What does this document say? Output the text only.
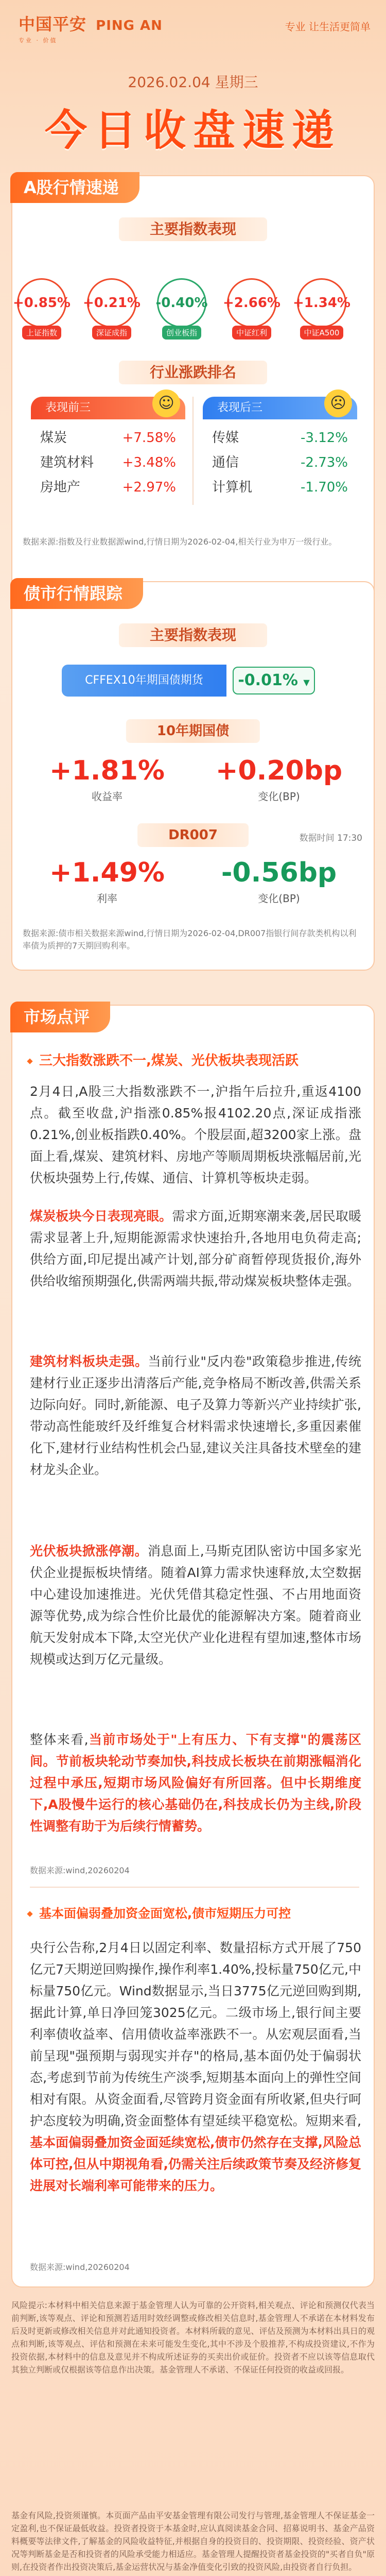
中国平安 PING AN
专业 · 价值
专业 让生活更简单
2026.02.04 星期三
今日收盘速递
A股行情速递
主要指数表现
+0.85%
上证指数
+0.21%
深证成指
-0.40%
创业板指
+2.66%
中证红利
+1.34%
中证A500
行业涨跌排名
表现前三	☺
煤炭	+7.58%
建筑材料 +3.48%
房地产	+2.97%
表现后三	☹
传媒	-3.12%
通信	-2.73%
计算机	-1.70%
数据来源:指数及行业数据源wind,行情日期为2026-02-04,相关行业为申万一级行业。
债市行情跟踪
主要指数表现
CFFEX10年期国债期货	-0.01% ▼
10年期国债
+1.81%
收益率
+0.20bp
变化(BP)
DR007	数据时间 17:30
+1.49%
利率
-0.56bp
变化(BP)
数据来源:债市相关数据来源wind,行情日期为2026-02-04,DR007指银行间存款类机构以利率债为质押的7天期回购利率。
市场点评
三大指数涨跌不一,煤炭、光伏板块表现活跃
2月4日,A股三大指数涨跌不一,沪指午后拉升,重返4100点。截至收盘,沪指涨0.85%报4102.20点,深证成指涨0.21%,创业板指跌0.40%。个股层面,超3200家上涨。盘面上看,煤炭、建筑材料、房地产等顺周期板块涨幅居前,光伏板块强势上行,传媒、通信、计算机等板块走弱。
煤炭板块今日表现亮眼。需求方面,近期寒潮来袭,居民取暖需求显著上升,短期能源需求快速抬升,各地用电负荷走高;供给方面,印尼提出减产计划,部分矿商暂停现货报价,海外供给收缩预期强化,供需两端共振,带动煤炭板块整体走强。
建筑材料板块走强。当前行业"反内卷"政策稳步推进,传统建材行业正逐步出清落后产能,竞争格局不断改善,供需关系边际向好。同时,新能源、电子及算力等新兴产业持续扩张,带动高性能玻纤及纤维复合材料需求快速增长,多重因素催化下,建材行业结构性机会凸显,建议关注具备技术壁垒的建材龙头企业。
光伏板块掀涨停潮。消息面上,马斯克团队密访中国多家光伏企业提振板块情绪。随着AI算力需求快速释放,太空数据中心建设加速推进。光伏凭借其稳定性强、不占用地面资源等优势,成为综合性价比最优的能源解决方案。随着商业航天发射成本下降,太空光伏产业化进程有望加速,整体市场规模或达到万亿元量级。
整体来看,当前市场处于"上有压力、下有支撑"的震荡区间。节前板块轮动节奏加快,科技成长板块在前期涨幅消化过程中承压,短期市场风险偏好有所回落。但中长期维度下,A股慢牛运行的核心基础仍在,科技成长仍为主线,阶段性调整有助于为后续行情蓄势。
数据来源:wind,20260204
基本面偏弱叠加资金面宽松,债市短期压力可控
央行公告称,2月4日以固定利率、数量招标方式开展了750亿元7天期逆回购操作,操作利率1.40%,投标量750亿元,中标量750亿元。Wind数据显示,当日3775亿元逆回购到期,据此计算,单日净回笼3025亿元。二级市场上,银行间主要利率债收益率、信用债收益率涨跌不一。从宏观层面看,当前呈现"强预期与弱现实并存"的格局,基本面仍处于偏弱状态,考虑到节前为传统生产淡季,短期基本面向上的弹性空间相对有限。从资金面看,尽管跨月资金面有所收紧,但央行呵护态度较为明确,资金面整体有望延续平稳宽松。短期来看,基本面偏弱叠加资金面延续宽松,债市仍然存在支撑,风险总体可控,但从中期视角看,仍需关注后续政策节奏及经济修复进展对长端利率可能带来的压力。
数据来源:wind,20260204
风险提示:本材料中相关信息来源于基金管理人认为可靠的公开资料,相关观点、评论和预测仅代表当前判断,该等观点、评论和预测若适用时效经调整或修改相关信息时,基金管理人不承诺在本材料发布后及时更新或修改相关信息并对此通知投资者。本材料所载的意见、评估及预测为本材料出具日的观点和判断,该等观点、评估和预测在未来可能发生变化,其中不涉及个股推荐,不构成投资建议,不作为投资依据,本材料中的信息及意见并不构成所述证券的买卖出价或征价。投资者不应以该等信息取代其独立判断或仅根据该等信息作出决策。基金管理人不承诺、不保证任何投资的收益或回报。
基金有风险,投资须谨慎。本页面产品由平安基金管理有限公司发行与管理,基金管理人不保证基金一定盈利,也不保证最低收益。投资者投资于本基金时,应认真阅读基金合同、招募说明书、基金产品资料概要等法律文件,了解基金的风险收益特征,并根据自身的投资目的、投资期限、投资经验、资产状况等判断基金是否和投资者的风险承受能力相适应。基金管理人提醒投资者基金投资的"买者自负"原则,在投资者作出投资决策后,基金运营状况与基金净值变化引致的投资风险,由投资者自行负担。
